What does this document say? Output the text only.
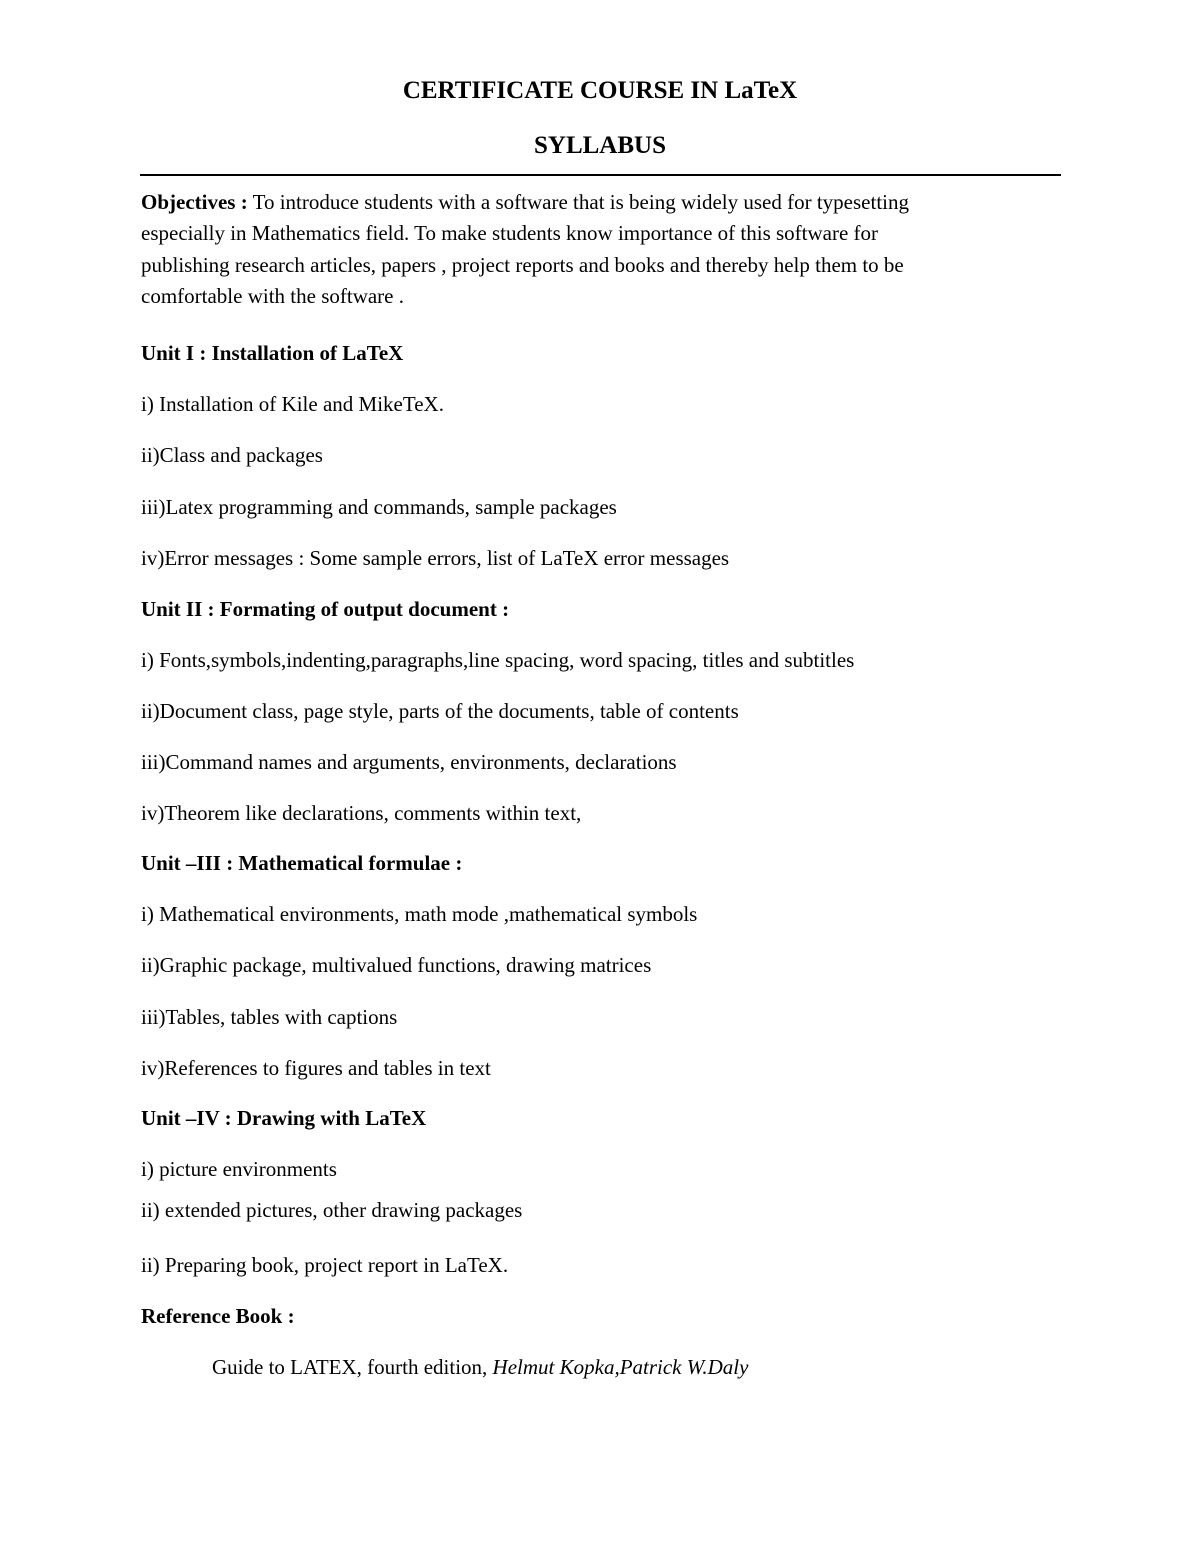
CERTIFICATE COURSE IN LaTeX
SYLLABUS
Objectives : To introduce students with a software that is being widely used for typesetting
especially in Mathematics field. To make students know importance of this software for
publishing research articles, papers , project reports and books and thereby help them to be
comfortable with the software .
Unit I : Installation of LaTeX
i) Installation of Kile and MikeTeX.
ii)Class and packages
iii)Latex programming and commands, sample packages
iv)Error messages : Some sample errors, list of LaTeX error messages
Unit II : Formating of output document :
i) Fonts,symbols,indenting,paragraphs,line spacing, word spacing, titles and subtitles
ii)Document class, page style, parts of the documents, table of contents
iii)Command names and arguments, environments, declarations
iv)Theorem like declarations, comments within text,
Unit –III : Mathematical formulae :
i) Mathematical environments, math mode ,mathematical symbols
ii)Graphic package, multivalued functions, drawing matrices
iii)Tables, tables with captions
iv)References to figures and tables in text
Unit –IV : Drawing with LaTeX
i) picture environments
ii) extended pictures, other drawing packages
ii) Preparing book, project report in LaTeX.
Reference Book :
Guide to LATEX, fourth edition, Helmut Kopka,Patrick W.Daly
